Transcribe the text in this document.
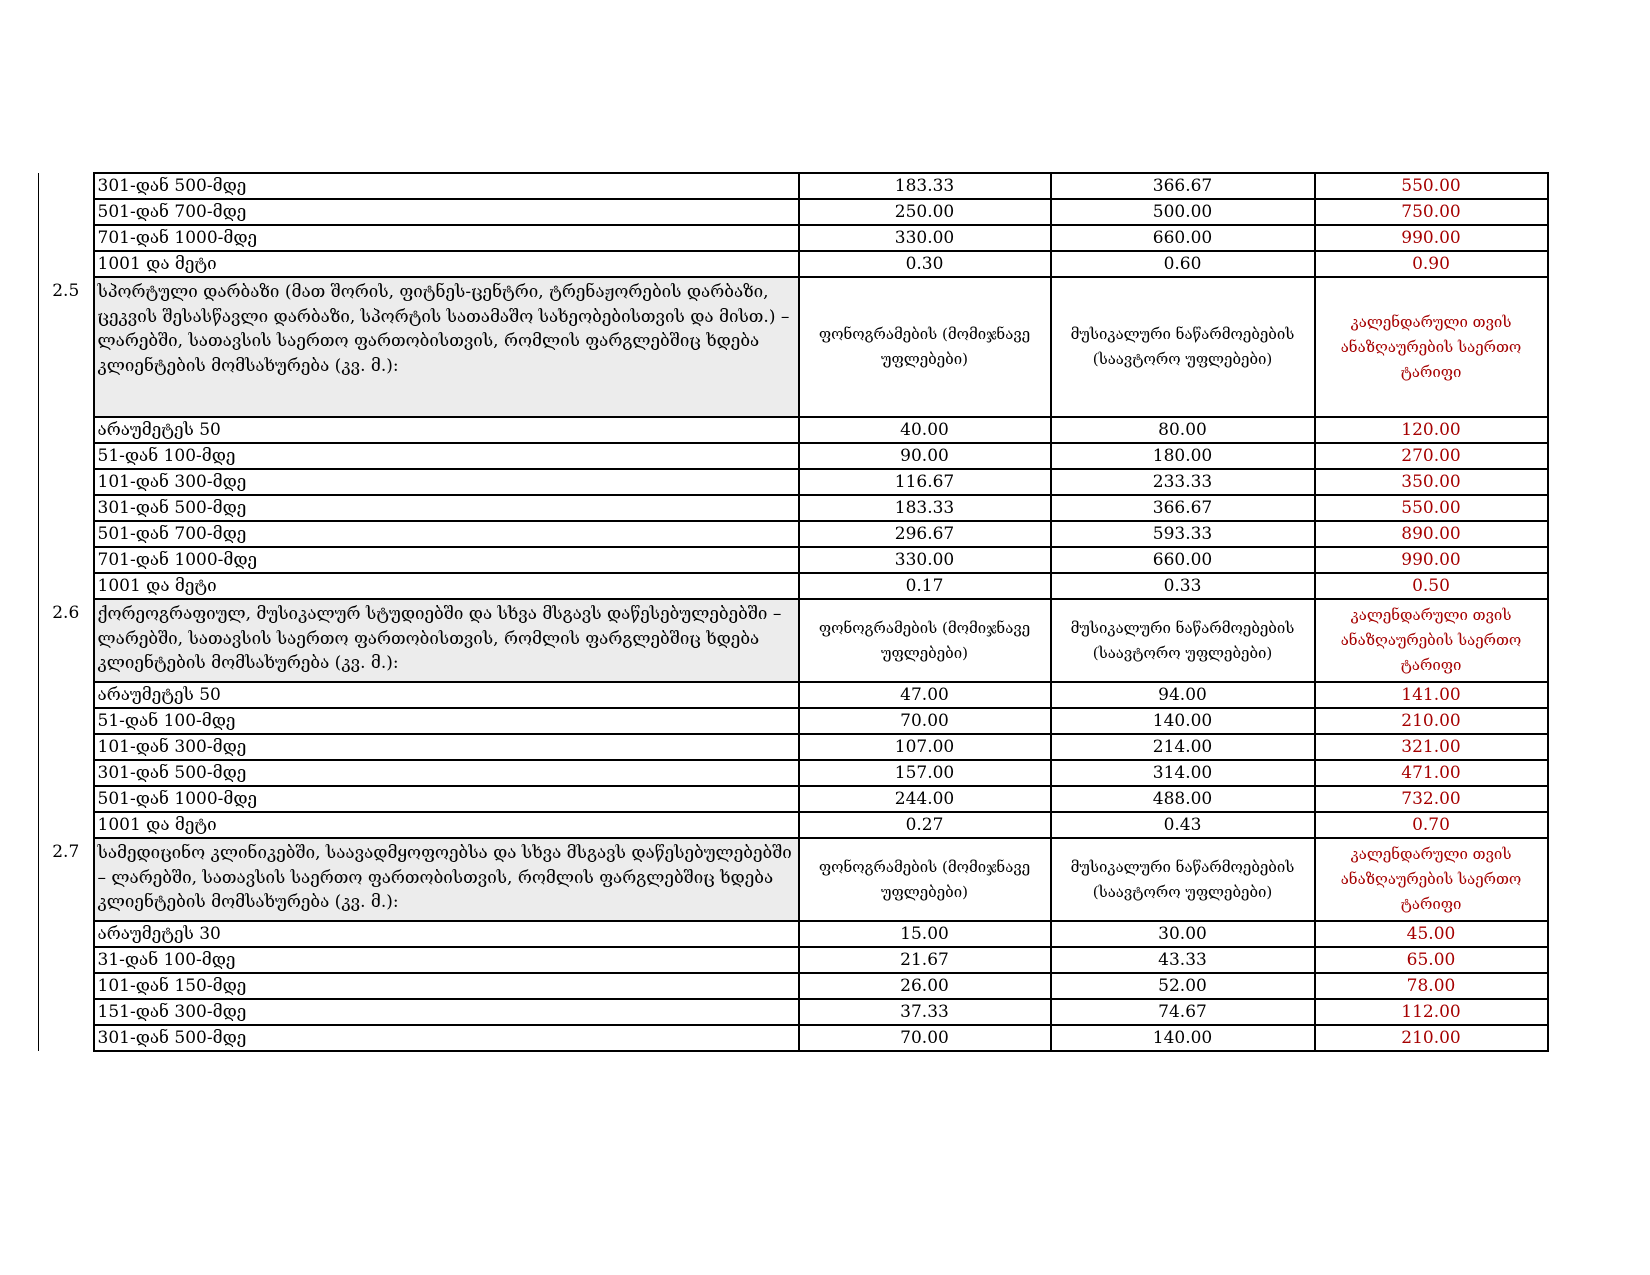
	301-დან 500-მდე	183.33	366.67	550.00
	501-დან 700-მდე	250.00	500.00	750.00
	701-დან 1000-მდე	330.00	660.00	990.00
	1001 და მეტი	0.30	0.60	0.90
2.5	სპორტული დარბაზი (მათ შორის, ფიტნეს-ცენტრი, ტრენაჟორების დარბაზი, ცეკვის შესასწავლი დარბაზი, სპორტის სათამაშო სახეობებისთვის და მისთ.) – ლარებში, სათავსის საერთო ფართობისთვის, რომლის ფარგლებშიც ხდება კლიენტების მომსახურება (კვ. მ.):	ფონოგრამების (მომიჯნავე უფლებები)	მუსიკალური ნაწარმოებების (საავტორო უფლებები)	კალენდარული თვის ანაზღაურების საერთო ტარიფი
	არაუმეტეს 50	40.00	80.00	120.00
	51-დან 100-მდე	90.00	180.00	270.00
	101-დან 300-მდე	116.67	233.33	350.00
	301-დან 500-მდე	183.33	366.67	550.00
	501-დან 700-მდე	296.67	593.33	890.00
	701-დან 1000-მდე	330.00	660.00	990.00
	1001 და მეტი	0.17	0.33	0.50
2.6	ქორეოგრაფიულ, მუსიკალურ სტუდიებში და სხვა მსგავს დაწესებულებებში – ლარებში, სათავსის საერთო ფართობისთვის, რომლის ფარგლებშიც ხდება კლიენტების მომსახურება (კვ. მ.):	ფონოგრამების (მომიჯნავე უფლებები)	მუსიკალური ნაწარმოებების (საავტორო უფლებები)	კალენდარული თვის ანაზღაურების საერთო ტარიფი
	არაუმეტეს 50	47.00	94.00	141.00
	51-დან 100-მდე	70.00	140.00	210.00
	101-დან 300-მდე	107.00	214.00	321.00
	301-დან 500-მდე	157.00	314.00	471.00
	501-დან 1000-მდე	244.00	488.00	732.00
	1001 და მეტი	0.27	0.43	0.70
2.7	სამედიცინო კლინიკებში, საავადმყოფოებსა და სხვა მსგავს დაწესებულებებში – ლარებში, სათავსის საერთო ფართობისთვის, რომლის ფარგლებშიც ხდება კლიენტების მომსახურება (კვ. მ.):	ფონოგრამების (მომიჯნავე უფლებები)	მუსიკალური ნაწარმოებების (საავტორო უფლებები)	კალენდარული თვის ანაზღაურების საერთო ტარიფი
	არაუმეტეს 30	15.00	30.00	45.00
	31-დან 100-მდე	21.67	43.33	65.00
	101-დან 150-მდე	26.00	52.00	78.00
	151-დან 300-მდე	37.33	74.67	112.00
	301-დან 500-მდე	70.00	140.00	210.00
